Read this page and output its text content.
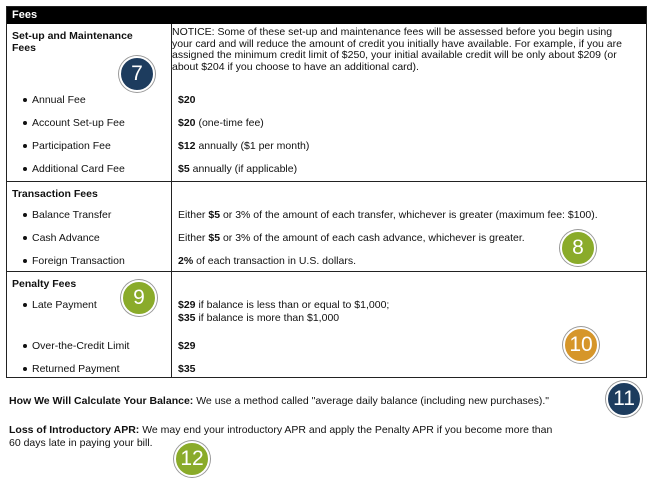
Fees
Set-up and Maintenance
Fees
NOTICE: Some of these set-up and maintenance fees will be assessed before you begin using your card and will reduce the amount of credit you initially have available. For example, if you are assigned the minimum credit limit of $250, your initial available credit will be only about $209 (or about $204 if you choose to have an additional card).
Annual Fee	$20
Account Set-up Fee	$20 (one-time fee)
Participation Fee	$12 annually ($1 per month)
Additional Card Fee	$5 annually (if applicable)
Transaction Fees
Balance Transfer	Either $5 or 3% of the amount of each transfer, whichever is greater (maximum fee: $100).
Cash Advance	Either $5 or 3% of the amount of each cash advance, whichever is greater.
Foreign Transaction	2% of each transaction in U.S. dollars.
Penalty Fees
Late Payment	$29 if balance is less than or equal to $1,000;
$35 if balance is more than $1,000
Over-the-Credit Limit	$29
Returned Payment	$35
How We Will Calculate Your Balance: We use a method called "average daily balance (including new purchases)."
Loss of Introductory APR: We may end your introductory APR and apply the Penalty APR if you become more than
60 days late in paying your bill.
7
8
9
10
11
12
